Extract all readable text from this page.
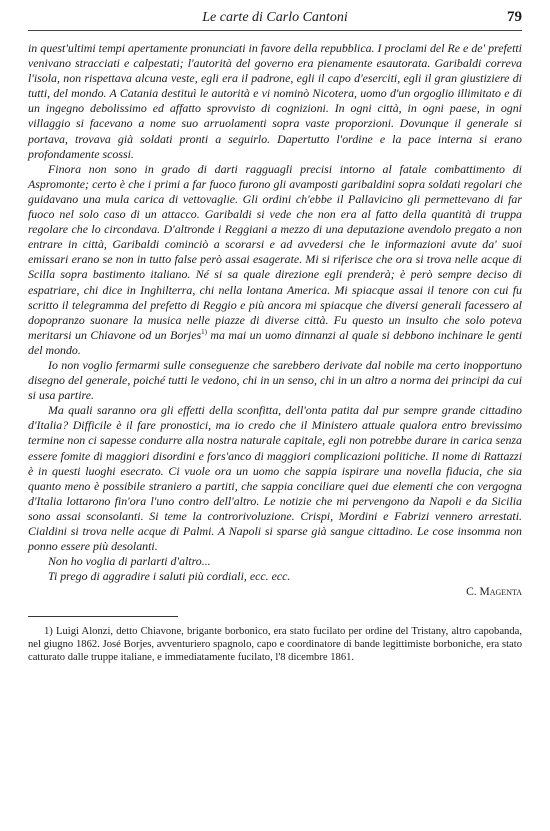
Le carte di Carlo Cantoni	79

in quest'ultimi tempi apertamente pronunciati in favore della repubblica. I proclami del Re e de' prefetti venivano stracciati e calpestati; l'autorità del governo era pienamente esautorata. Garibaldi correva l'isola, non rispettava alcuna veste, egli era il padrone, egli il capo d'eserciti, egli il gran giustiziere di tutti, del mondo. A Catania destituì le autorità e vi nominò Nicotera, uomo d'un orgoglio illimitato e di un ingegno debolissimo ed affatto sprovvisto di cognizioni. In ogni città, in ogni paese, in ogni villaggio si facevano a nome suo arruolamenti sopra vaste proporzioni. Dovunque il generale si portava, trovava già soldati pronti a seguirlo. Dapertutto l'ordine e la pace interna si erano profondamente scossi.

Finora non sono in grado di darti ragguagli precisi intorno al fatale combattimento di Aspromonte; certo è che i primi a far fuoco furono gli avamposti garibaldini sopra soldati regolari che guidavano una mula carica di vettovaglie. Gli ordini ch'ebbe il Pallavicino gli permettevano di far fuoco nel solo caso di un attacco. Garibaldi si vede che non era al fatto della quantità di truppa regolare che lo circondava. D'altronde i Reggiani a mezzo di una deputazione avendolo pregato a non entrare in città, Garibaldi cominciò a scorarsi e ad avvedersi che le informazioni avute da' suoi emissari erano se non in tutto false però assai esagerate. Mi si riferisce che ora si trova nelle acque di Scilla sopra bastimento italiano. Né si sa quale direzione egli prenderà; è però sempre deciso di espatriare, chi dice in Inghilterra, chi nella lontana America. Mi spiacque assai il tenore con cui fu scritto il telegramma del prefetto di Reggio e più ancora mi spiacque che diversi generali facessero al dopopranzo suonare la musica nelle piazze di diverse città. Fu questo un insulto che solo poteva meritarsi un Chiavone od un Borjes$^{1)}$ ma mai un uomo dinnanzi al quale si debbono inchinare le genti del mondo.

Io non voglio fermarmi sulle conseguenze che sarebbero derivate dal nobile ma certo inopportuno disegno del generale, poiché tutti le vedono, chi in un senso, chi in un altro a norma dei principi da cui si usa partire.

Ma quali saranno ora gli effetti della sconfitta, dell'onta patita dal pur sempre grande cittadino d'Italia? Difficile è il fare pronostici, ma io credo che il Ministero attuale qualora entro brevissimo termine non ci sapesse condurre alla nostra naturale capitale, egli non potrebbe durare in carica senza essere fomite di maggiori disordini e fors'anco di maggiori complicazioni politiche. Il nome di Rattazzi è in questi luoghi esecrato. Ci vuole ora un uomo che sappia ispirare una novella fiducia, che sia quanto meno è possibile straniero a partiti, che sappia conciliare quei due elementi che con vergogna d'Italia lottarono fin'ora l'uno contro dell'altro. Le notizie che mi pervengono da Napoli e da Sicilia sono assai sconsolanti. Si teme la controrivoluzione. Crispi, Mordini e Fabrizi vennero arrestati. Cialdini si trova nelle acque di Palmi. A Napoli si sparse già sangue cittadino. Le cose insomma non ponno essere più desolanti.

Non ho voglia di parlarti d'altro...

Ti prego di aggradire i saluti più cordiali, ecc. ecc.

C. Magenta
1) Luigi Alonzi, detto Chiavone, brigante borbonico, era stato fucilato per ordine del Tristany, altro capobanda, nel giugno 1862. José Borjes, avventuriero spagnolo, capo e coordinatore di bande legittimiste borboniche, era stato catturato dalle truppe italiane, e immediatamente fucilato, l'8 dicembre 1861.
